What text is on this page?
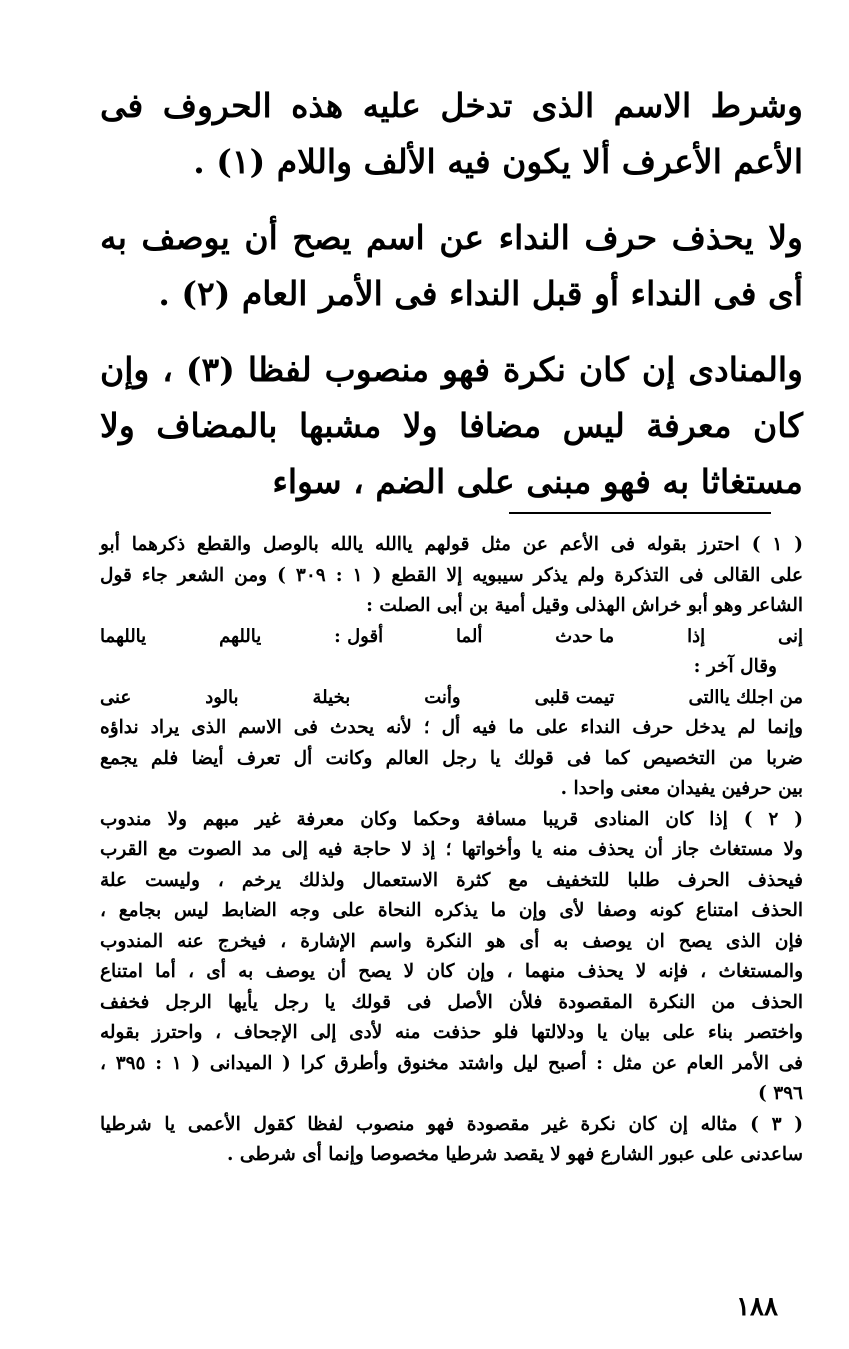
وشرط الاسم الذى تدخل عليه هذه الحروف فى الأعم الأعرف ألا يكون فيه الألف واللام (١) .

ولا يحذف حرف النداء عن اسم يصح أن يوصف به أى فى النداء أو قبل النداء فى الأمر العام (٢) .

والمنادى إن كان نكرة فهو منصوب لفظا (٣) ، وإن كان معرفة ليس مضافا ولا مشبها بالمضاف ولا مستغاثا به فهو مبنى على الضم ، سواء

( ١ ) احترز بقوله فى الأعم عن مثل قولهم ياالله يالله بالوصل والقطع ذكرهما أبو
على القالى فى التذكرة ولم يذكر سيبويه إلا القطع ( ١ : ٣٠٩ ) ومن الشعر جاء قول
الشاعر وهو أبو خراش الهذلى وقيل أمية بن أبى الصلت :
إنى
إذا
ما حدث
ألما
أقول :
ياللهم
ياللهما
وقال آخر :
من اجلك ياالتى
تيمت قلبى
وأنت
بخيلة
بالود
عنى
وإنما لم يدخل حرف النداء على ما فيه أل ؛ لأنه يحدث فى الاسم الذى يراد نداؤه
ضربا من التخصيص كما فى قولك يا رجل العالم وكانت أل تعرف أيضا فلم يجمع
بين حرفين يفيدان معنى واحدا .
( ٢ ) إذا كان المنادى قريبا مسافة وحكما وكان معرفة غير مبهم ولا مندوب
ولا مستغاث جاز أن يحذف منه يا وأخواتها ؛ إذ لا حاجة فيه إلى مد الصوت مع القرب
فيحذف الحرف طلبا للتخفيف مع كثرة الاستعمال ولذلك يرخم ، وليست علة
الحذف امتناع كونه وصفا لأى وإن ما يذكره النحاة على وجه الضابط ليس بجامع ،
فإن الذى يصح ان يوصف به أى هو النكرة واسم الإشارة ، فيخرج عنه المندوب
والمستغاث ، فإنه لا يحذف منهما ، وإن كان لا يصح أن يوصف به أى ، أما امتناع
الحذف من النكرة المقصودة فلأن الأصل فى قولك يا رجل يأيها الرجل فخفف
واختصر بناء على بيان يا ودلالتها فلو حذفت منه لأدى إلى الإجحاف ، واحترز بقوله
فى الأمر العام عن مثل : أصبح ليل واشتد مخنوق وأطرق كرا ( الميدانى ( ١ : ٣٩٥ ،
٣٩٦ )
( ٣ ) مثاله إن كان نكرة غير مقصودة فهو منصوب لفظا كقول الأعمى يا شرطيا
ساعدنى على عبور الشارع فهو لا يقصد شرطيا مخصوصا وإنما أى شرطى .
١٨٨
